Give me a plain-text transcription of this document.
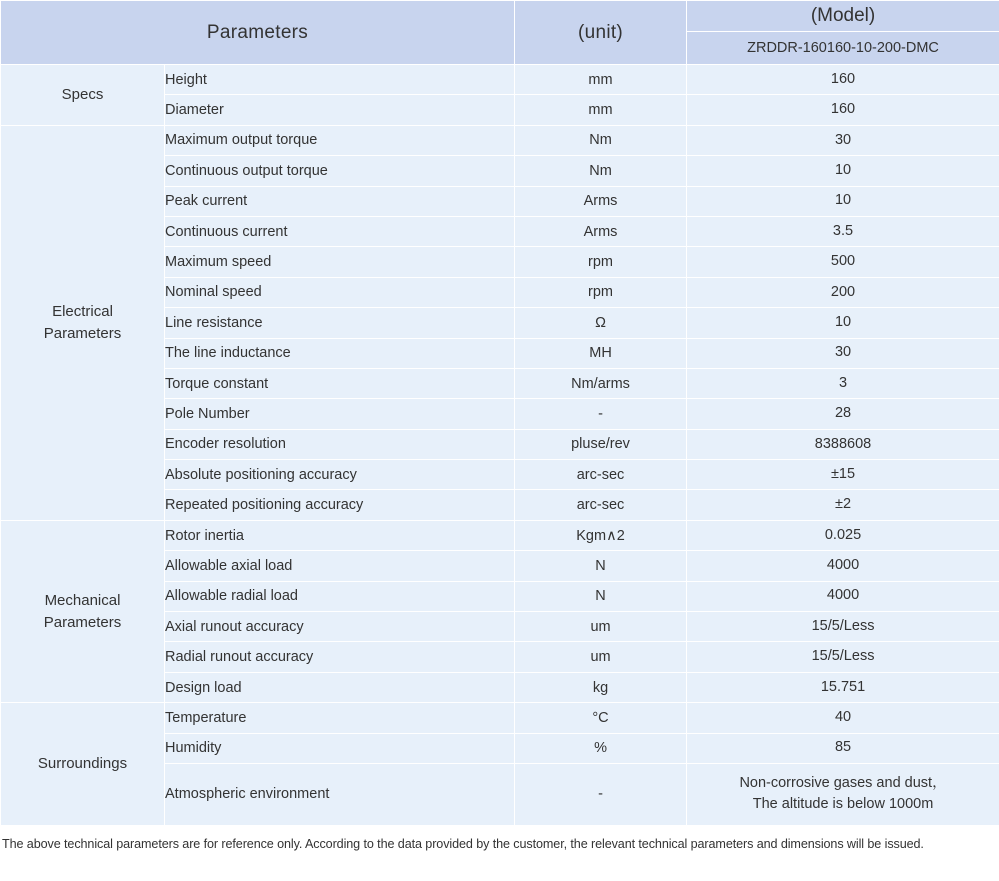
Parameters		(unit)	(Model)
			ZRDDR-160160-10-200-DMC
Specs	Height	mm	160
	Diameter	mm	160
Electrical
Parameters	Maximum output torque	Nm	30
	Continuous output torque	Nm	10
	Peak current	Arms	10
	Continuous current	Arms	3.5
	Maximum speed	rpm	500
	Nominal speed	rpm	200
	Line resistance	Ω	10
	The line inductance	MH	30
	Torque constant	Nm/arms	3
	Pole Number	-	28
	Encoder resolution	pluse/rev	8388608
	Absolute positioning accuracy	arc-sec	±15
	Repeated positioning accuracy	arc-sec	±2
Mechanical
Parameters	Rotor inertia	Kgm∧2	0.025
	Allowable axial load	N	4000
	Allowable radial load	N	4000
	Axial runout accuracy	um	15/5/Less
	Radial runout accuracy	um	15/5/Less
	Design load	kg	15.751
Surroundings	Temperature	°C	40
	Humidity	%	85
	Atmospheric environment	-	Non-corrosive gases and dust，
The altitude is below 1000m
The above technical parameters are for reference only. According to the data provided by the customer, the relevant technical parameters and dimensions will be issued.
